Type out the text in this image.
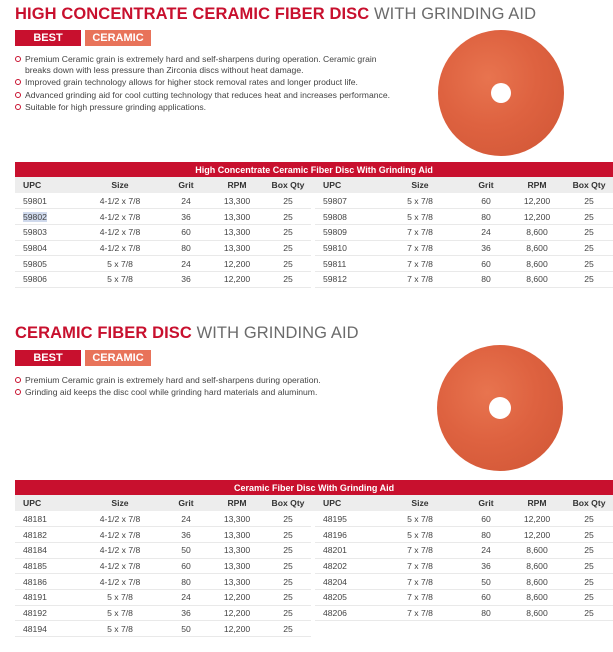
HIGH CONCENTRATE CERAMIC FIBER DISC WITH GRINDING AID
BEST	CERAMIC
Premium Ceramic grain is extremely hard and self-sharpens during operation. Ceramic grain breaks down with less pressure than Zirconia discs without heat damage.
Improved grain technology allows for higher stock removal rates and longer product life.
Advanced grinding aid for cool cutting technology that reduces heat and increases performance.
Suitable for high pressure grinding applications.
High Concentrate Ceramic Fiber Disc With Grinding Aid										
UPC	Size	Grit	RPM	Box Qty		UPC	Size	Grit	RPM	Box Qty
59801	4-1/2 x 7/8	24	13,300	25		59807	5 x 7/8	60	12,200	25
59802	4-1/2 x 7/8	36	13,300	25		59808	5 x 7/8	80	12,200	25
59803	4-1/2 x 7/8	60	13,300	25		59809	7 x 7/8	24	8,600	25
59804	4-1/2 x 7/8	80	13,300	25		59810	7 x 7/8	36	8,600	25
59805	5 x 7/8	24	12,200	25		59811	7 x 7/8	60	8,600	25
59806	5 x 7/8	36	12,200	25		59812	7 x 7/8	80	8,600	25
CERAMIC FIBER DISC WITH GRINDING AID
BEST	CERAMIC
Premium Ceramic grain is extremely hard and self-sharpens during operation.
Grinding aid keeps the disc cool while grinding hard materials and aluminum.
Ceramic Fiber Disc With Grinding Aid										
UPC	Size	Grit	RPM	Box Qty		UPC	Size	Grit	RPM	Box Qty
48181	4-1/2 x 7/8	24	13,300	25		48195	5 x 7/8	60	12,200	25
48182	4-1/2 x 7/8	36	13,300	25		48196	5 x 7/8	80	12,200	25
48184	4-1/2 x 7/8	50	13,300	25		48201	7 x 7/8	24	8,600	25
48185	4-1/2 x 7/8	60	13,300	25		48202	7 x 7/8	36	8,600	25
48186	4-1/2 x 7/8	80	13,300	25		48204	7 x 7/8	50	8,600	25
48191	5 x 7/8	24	12,200	25		48205	7 x 7/8	60	8,600	25
48192	5 x 7/8	36	12,200	25		48206	7 x 7/8	80	8,600	25
48194	5 x 7/8	50	12,200	25						
